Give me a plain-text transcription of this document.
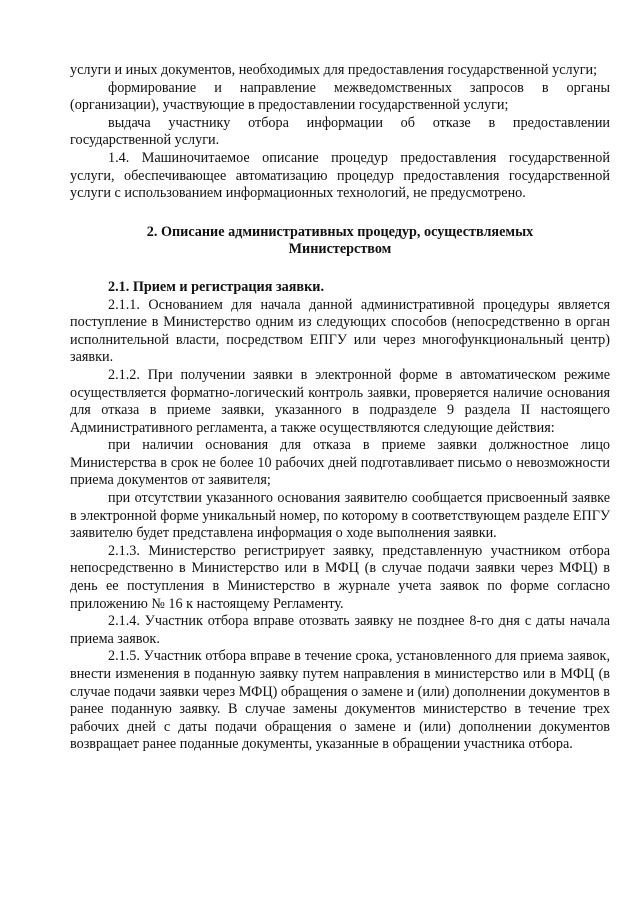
услуги и иных документов, необходимых для предоставления государственной услуги;

формирование и направление межведомственных запросов в органы (организации), участвующие в предоставлении государственной услуги;

выдача участнику отбора информации об отказе в предоставлении государственной услуги.

1.4. Машиночитаемое описание процедур предоставления государственной услуги, обеспечивающее автоматизацию процедур предоставления государственной услуги с использованием информационных технологий, не предусмотрено.

2. Описание административных процедур, осуществляемых Министерством

2.1. Прием и регистрация заявки.

2.1.1. Основанием для начала данной административной процедуры является поступление в Министерство одним из следующих способов (непосредственно в орган исполнительной власти, посредством ЕПГУ или через многофункциональный центр) заявки.

2.1.2. При получении заявки в электронной форме в автоматическом режиме осуществляется форматно-логический контроль заявки, проверяется наличие основания для отказа в приеме заявки, указанного в подразделе 9 раздела II настоящего Административного регламента, а также осуществляются следующие действия:

при наличии основания для отказа в приеме заявки должностное лицо Министерства в срок не более 10 рабочих дней подготавливает письмо о невозможности приема документов от заявителя;

при отсутствии указанного основания заявителю сообщается присвоенный заявке в электронной форме уникальный номер, по которому в соответствующем разделе ЕПГУ заявителю будет представлена информация о ходе выполнения заявки.

2.1.3. Министерство регистрирует заявку, представленную участником отбора непосредственно в Министерство или в МФЦ (в случае подачи заявки через МФЦ) в день ее поступления в Министерство в журнале учета заявок по форме согласно приложению № 16 к настоящему Регламенту.

2.1.4. Участник отбора вправе отозвать заявку не позднее 8-го дня с даты начала приема заявок.

2.1.5. Участник отбора вправе в течение срока, установленного для приема заявок, внести изменения в поданную заявку путем направления в министерство или в МФЦ (в случае подачи заявки через МФЦ) обращения о замене и (или) дополнении документов в ранее поданную заявку. В случае замены документов министерство в течение трех рабочих дней с даты подачи обращения о замене и (или) дополнении документов возвращает ранее поданные документы, указанные в обращении участника отбора.
